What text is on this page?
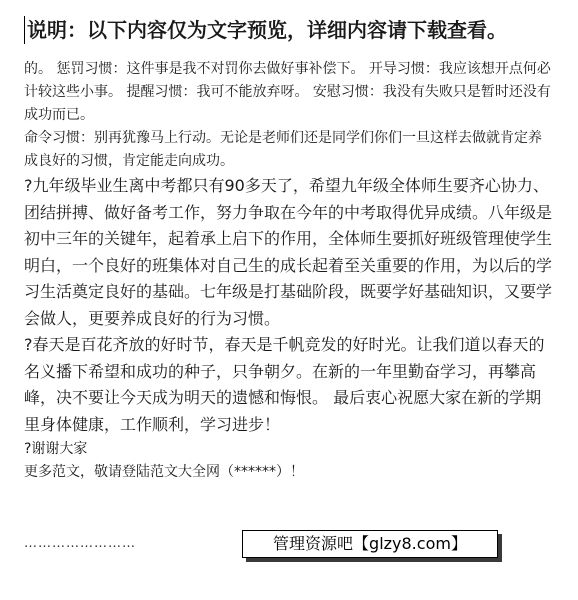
说明：以下内容仅为文字预览，详细内容请下载查看。

的。 惩罚习惯：这件事是我不对罚你去做好事补偿下。 开导习惯：我应该想开点何必计较这些小事。 提醒习惯：我可不能放弃呀。 安慰习惯：我没有失败只是暂时还没有成功而已。

命令习惯：别再犹豫马上行动。无论是老师们还是同学们你们一旦这样去做就肯定养成良好的习惯，肯定能走向成功。

?九年级毕业生离中考都只有90多天了，希望九年级全体师生要齐心协力、团结拼搏、做好备考工作，努力争取在今年的中考取得优异成绩。八年级是初中三年的关键年，起着承上启下的作用，全体师生要抓好班级管理使学生明白，一个良好的班集体对自己生的成长起着至关重要的作用，为以后的学习生活奠定良好的基础。七年级是打基础阶段，既要学好基础知识，又要学会做人，更要养成良好的行为习惯。

?春天是百花齐放的好时节，春天是千帆竞发的好时光。让我们道以春天的名义播下希望和成功的种子，只争朝夕。在新的一年里勤奋学习，再攀高峰，决不要让今天成为明天的遗憾和悔恨。 最后衷心祝愿大家在新的学期里身体健康，工作顺利，学习进步！

?谢谢大家

更多范文，敬请登陆范文大全网（******）！

……………………	管理资源吧【glzy8.com】
